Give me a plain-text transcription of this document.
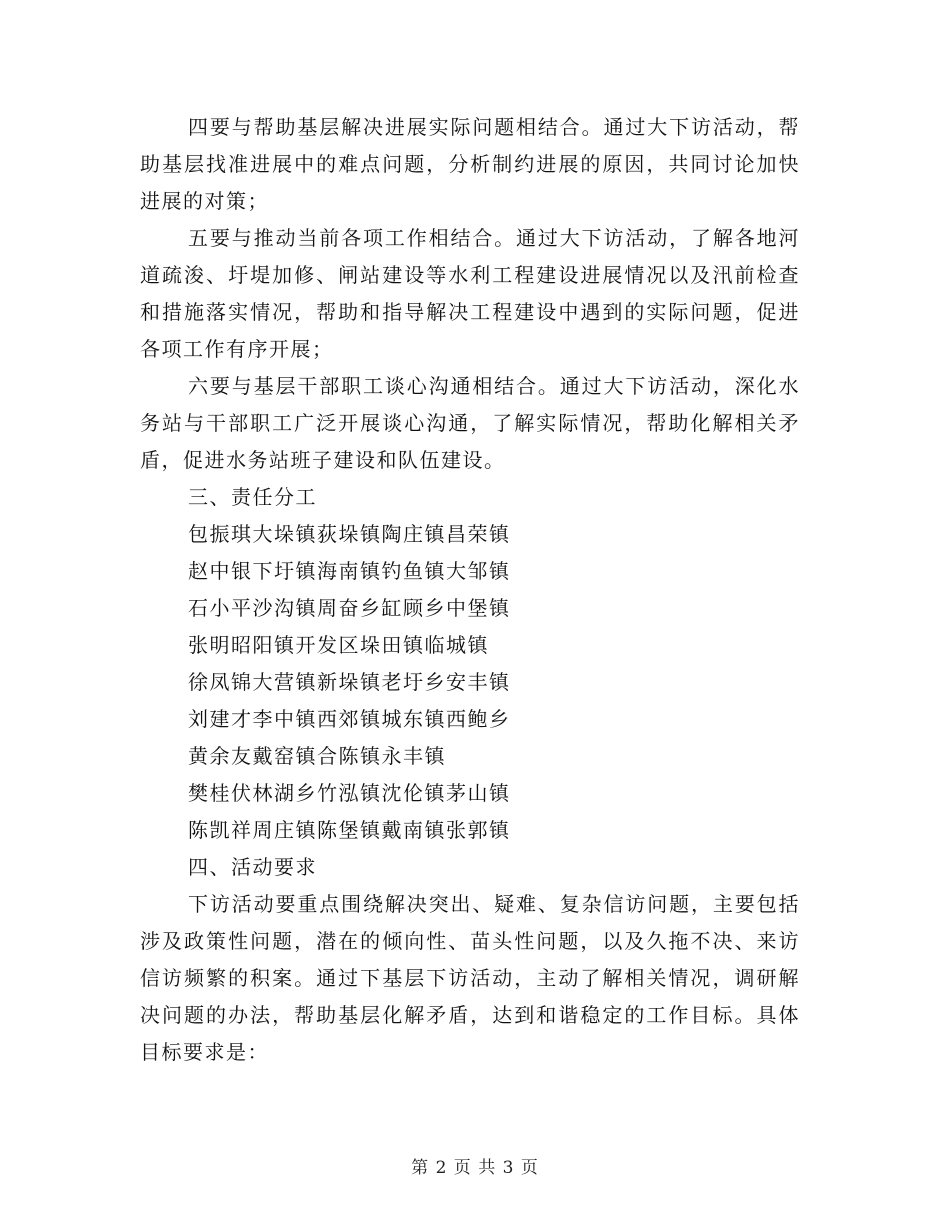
四要与帮助基层解决进展实际问题相结合。通过大下访活动，帮助基层找准进展中的难点问题，分析制约进展的原因，共同讨论加快进展的对策；

五要与推动当前各项工作相结合。通过大下访活动，了解各地河道疏浚、圩堤加修、闸站建设等水利工程建设进展情况以及汛前检查和措施落实情况，帮助和指导解决工程建设中遇到的实际问题，促进各项工作有序开展；

六要与基层干部职工谈心沟通相结合。通过大下访活动，深化水务站与干部职工广泛开展谈心沟通，了解实际情况，帮助化解相关矛盾，促进水务站班子建设和队伍建设。

三、责任分工

包振琪大垛镇荻垛镇陶庄镇昌荣镇

赵中银下圩镇海南镇钓鱼镇大邹镇

石小平沙沟镇周奋乡缸顾乡中堡镇

张明昭阳镇开发区垛田镇临城镇

徐凤锦大营镇新垛镇老圩乡安丰镇

刘建才李中镇西郊镇城东镇西鲍乡

黄余友戴窑镇合陈镇永丰镇

樊桂伏林湖乡竹泓镇沈伦镇茅山镇

陈凯祥周庄镇陈堡镇戴南镇张郭镇

四、活动要求

下访活动要重点围绕解决突出、疑难、复杂信访问题，主要包括涉及政策性问题，潜在的倾向性、苗头性问题，以及久拖不决、来访信访频繁的积案。通过下基层下访活动，主动了解相关情况，调研解决问题的办法，帮助基层化解矛盾，达到和谐稳定的工作目标。具体目标要求是：

第 2 页 共 3 页
